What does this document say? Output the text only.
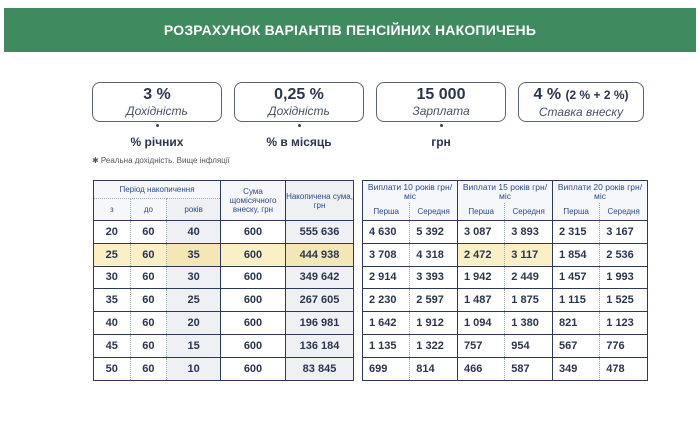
РОЗРАХУНОК ВАРІАНТІВ ПЕНСІЙНИХ НАКОПИЧЕНЬ
3 %
Дохідність
0,25 %
Дохідність
15 000
Зарплата
4 % (2 % + 2 %)
Ставка внеску
% річних	% в місяць	грн
✱ Реальна дохідність. Вище інфляції
Період накопичення			Сума щомісячного внеску, грн	Накопичена сума, грн
з	до	років		
20	60	40	600	555 636
25	60	35	600	444 938
30	60	30	600	349 642
35	60	25	600	267 605
40	60	20	600	196 981
45	60	15	600	136 184
50	60	10	600	83 845
Виплати 10 років грн/міс		Виплати 15 років грн/міс		Виплати 20 років грн/міс	
Перша	Середня	Перша	Середня	Перша	Середня
4 630	5 392	3 087	3 893	2 315	3 167
3 708	4 318	2 472	3 117	1 854	2 536
2 914	3 393	1 942	2 449	1 457	1 993
2 230	2 597	1 487	1 875	1 115	1 525
1 642	1 912	1 094	1 380	821	1 123
1 135	1 322	757	954	567	776
699	814	466	587	349	478
